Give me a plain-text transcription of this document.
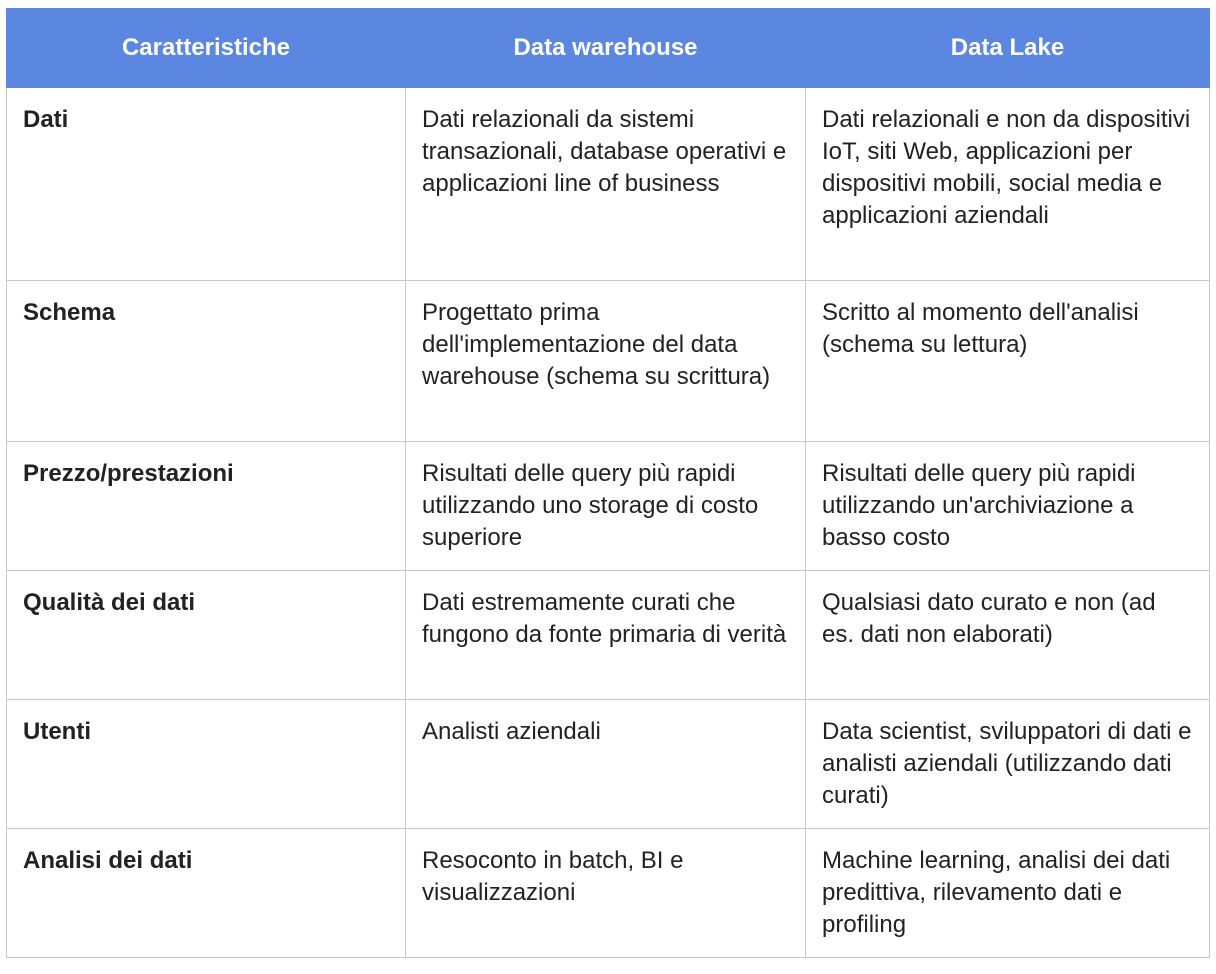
Caratteristiche	Data warehouse	Data Lake
Dati	Dati relazionali da sistemi transazionali, database operativi e applicazioni line of business	Dati relazionali e non da dispositivi IoT, siti Web, applicazioni per dispositivi mobili, social media e applicazioni aziendali
Schema	Progettato prima dell'implementazione del data warehouse (schema su scrittura)	Scritto al momento dell'analisi (schema su lettura)
Prezzo/prestazioni	Risultati delle query più rapidi utilizzando uno storage di costo superiore	Risultati delle query più rapidi utilizzando un'archiviazione a basso costo
Qualità dei dati	Dati estremamente curati che fungono da fonte primaria di verità	Qualsiasi dato curato e non (ad es. dati non elaborati)
Utenti	Analisti aziendali	Data scientist, sviluppatori di dati e analisti aziendali (utilizzando dati curati)
Analisi dei dati	Resoconto in batch, BI e visualizzazioni	Machine learning, analisi dei dati predittiva, rilevamento dati e profiling
